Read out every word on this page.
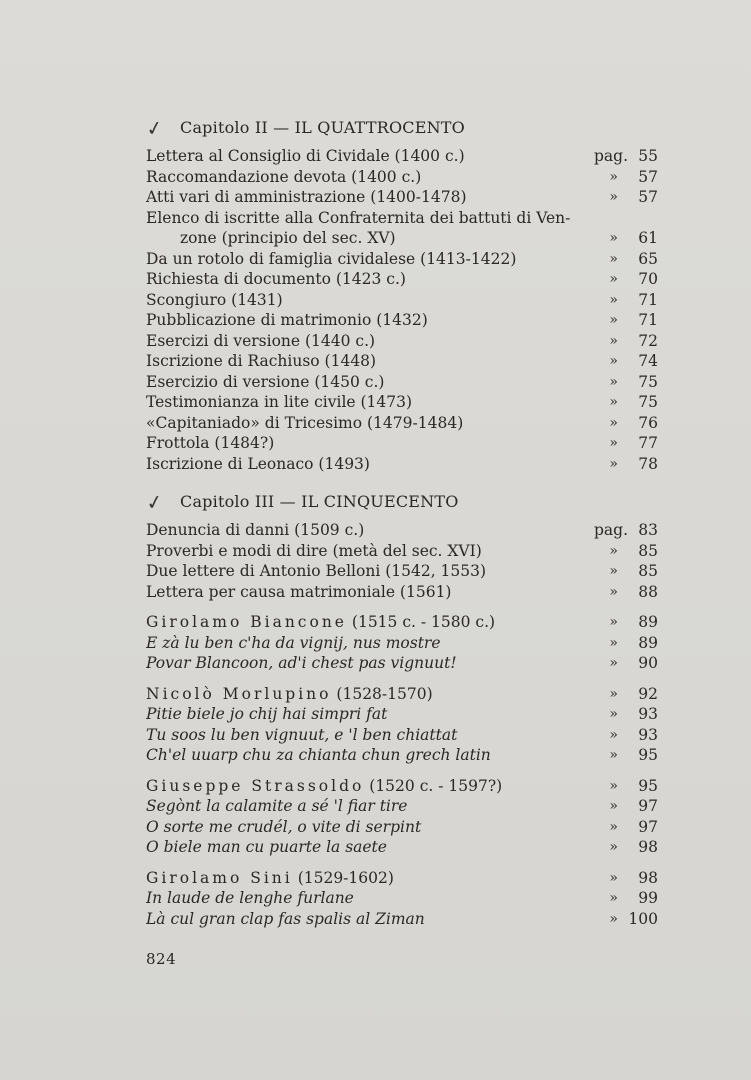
✓ Capitolo II — IL QUATTROCENTO
Lettera al Consiglio di Cividale (1400 c.)	pag. 55
Raccomandazione devota (1400 c.)	»	57
Atti vari di amministrazione (1400-1478)	»	57
Elenco di iscritte alla Confraternita dei battuti di Ven-
zone (principio del sec. XV)	»	61
Da un rotolo di famiglia cividalese (1413-1422)	»	65
Richiesta di documento (1423 c.)	»	70
Scongiuro (1431)	»	71
Pubblicazione di matrimonio (1432)	»	71
Esercizi di versione (1440 c.)	»	72
Iscrizione di Rachiuso (1448)	»	74
Esercizio di versione (1450 c.)	»	75
Testimonianza in lite civile (1473)	»	75
«Capitaniado» di Tricesimo (1479-1484)	»	76
Frottola (1484?)	»	77
Iscrizione di Leonaco (1493)	»	78
✓ Capitolo III — IL CINQUECENTO
Denuncia di danni (1509 c.)	pag. 83
Proverbi e modi di dire (metà del sec. XVI)	»	85
Due lettere di Antonio Belloni (1542, 1553)	»	85
Lettera per causa matrimoniale (1561)	»	88
Girolamo Biancone (1515 c. - 1580 c.)	»	89
E zà lu ben c'ha da vignij, nus mostre	»	89
Povar Blancoon, ad'i chest pas vignuut!	»	90
Nicolò Morlupino (1528-1570)	»	92
Pitie biele jo chij hai simpri fat	»	93
Tu soos lu ben vignuut, e 'l ben chiattat	»	93
Ch'el uuarp chu za chianta chun grech latin	»	95
Giuseppe Strassoldo (1520 c. - 1597?)	»	95
Segònt la calamite a sé 'l fiar tire	»	97
O sorte me crudél, o vite di serpint	»	97
O biele man cu puarte la saete	»	98
Girolamo Sini (1529-1602)	»	98
In laude de lenghe furlane	»	99
Là cul gran clap fas spalis al Ziman	» 100
824
